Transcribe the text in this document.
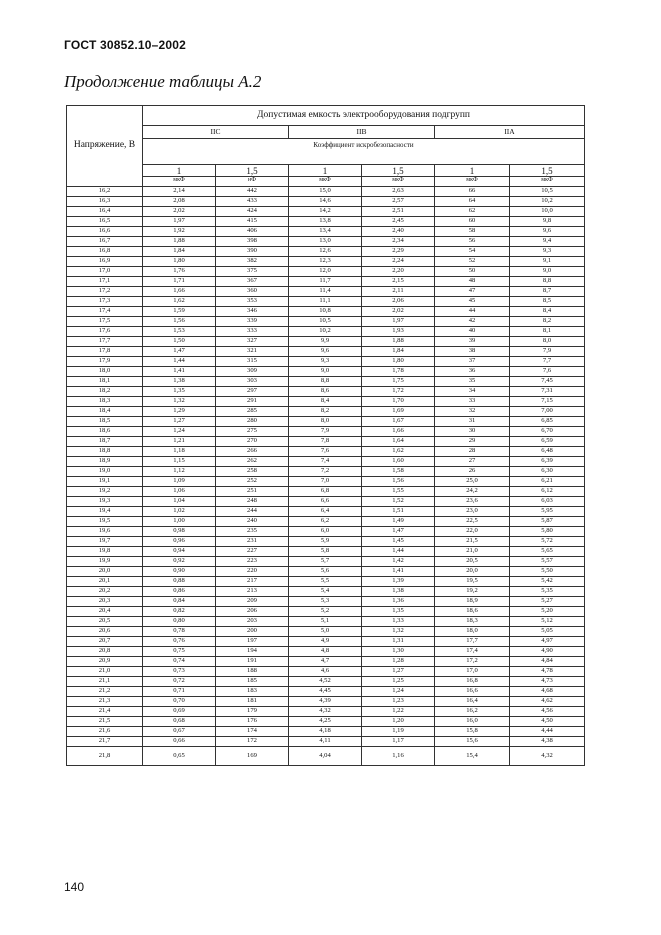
ГОСТ 30852.10–2002
Продолжение таблицы А.2
Напряжение, В	Допустимая емкость электрооборудования подгрупп					
	IIC		IIB		IIA	
	Коэффициент искробезопасности					
	1	1,5	1	1,5	1	1,5
	мкФ	нФ	мкФ	мкФ	мкФ	мкФ
16,2	2,14	442	15,0	2,63	66	10,5
16,3	2,08	433	14,6	2,57	64	10,2
16,4	2,02	424	14,2	2,51	62	10,0
16,5	1,97	415	13,8	2,45	60	9,8
16,6	1,92	406	13,4	2,40	58	9,6
16,7	1,88	398	13,0	2,34	56	9,4
16,8	1,84	390	12,6	2,29	54	9,3
16,9	1,80	382	12,3	2,24	52	9,1
17,0	1,76	375	12,0	2,20	50	9,0
17,1	1,71	367	11,7	2,15	48	8,8
17,2	1,66	360	11,4	2,11	47	8,7
17,3	1,62	353	11,1	2,06	45	8,5
17,4	1,59	346	10,8	2,02	44	8,4
17,5	1,56	339	10,5	1,97	42	8,2
17,6	1,53	333	10,2	1,93	40	8,1
17,7	1,50	327	9,9	1,88	39	8,0
17,8	1,47	321	9,6	1,84	38	7,9
17,9	1,44	315	9,3	1,80	37	7,7
18,0	1,41	309	9,0	1,78	36	7,6
18,1	1,38	303	8,8	1,75	35	7,45
18,2	1,35	297	8,6	1,72	34	7,31
18,3	1,32	291	8,4	1,70	33	7,15
18,4	1,29	285	8,2	1,69	32	7,00
18,5	1,27	280	8,0	1,67	31	6,85
18,6	1,24	275	7,9	1,66	30	6,70
18,7	1,21	270	7,8	1,64	29	6,59
18,8	1,18	266	7,6	1,62	28	6,48
18,9	1,15	262	7,4	1,60	27	6,39
19,0	1,12	258	7,2	1,58	26	6,30
19,1	1,09	252	7,0	1,56	25,0	6,21
19,2	1,06	251	6,8	1,55	24,2	6,12
19,3	1,04	248	6,6	1,52	23,6	6,03
19,4	1,02	244	6,4	1,51	23,0	5,95
19,5	1,00	240	6,2	1,49	22,5	5,87
19,6	0,98	235	6,0	1,47	22,0	5,80
19,7	0,96	231	5,9	1,45	21,5	5,72
19,8	0,94	227	5,8	1,44	21,0	5,65
19,9	0,92	223	5,7	1,42	20,5	5,57
20,0	0,90	220	5,6	1,41	20,0	5,50
20,1	0,88	217	5,5	1,39	19,5	5,42
20,2	0,86	213	5,4	1,38	19,2	5,35
20,3	0,84	209	5,3	1,36	18,9	5,27
20,4	0,82	206	5,2	1,35	18,6	5,20
20,5	0,80	203	5,1	1,33	18,3	5,12
20,6	0,78	200	5,0	1,32	18,0	5,05
20,7	0,76	197	4,9	1,31	17,7	4,97
20,8	0,75	194	4,8	1,30	17,4	4,90
20,9	0,74	191	4,7	1,28	17,2	4,84
21,0	0,73	188	4,6	1,27	17,0	4,78
21,1	0,72	185	4,52	1,25	16,8	4,73
21,2	0,71	183	4,45	1,24	16,6	4,68
21,3	0,70	181	4,39	1,23	16,4	4,62
21,4	0,69	179	4,32	1,22	16,2	4,56
21,5	0,68	176	4,25	1,20	16,0	4,50
21,6	0,67	174	4,18	1,19	15,8	4,44
21,7	0,66	172	4,11	1,17	15,6	4,38
21,8	0,65	169	4,04	1,16	15,4	4,32
140
